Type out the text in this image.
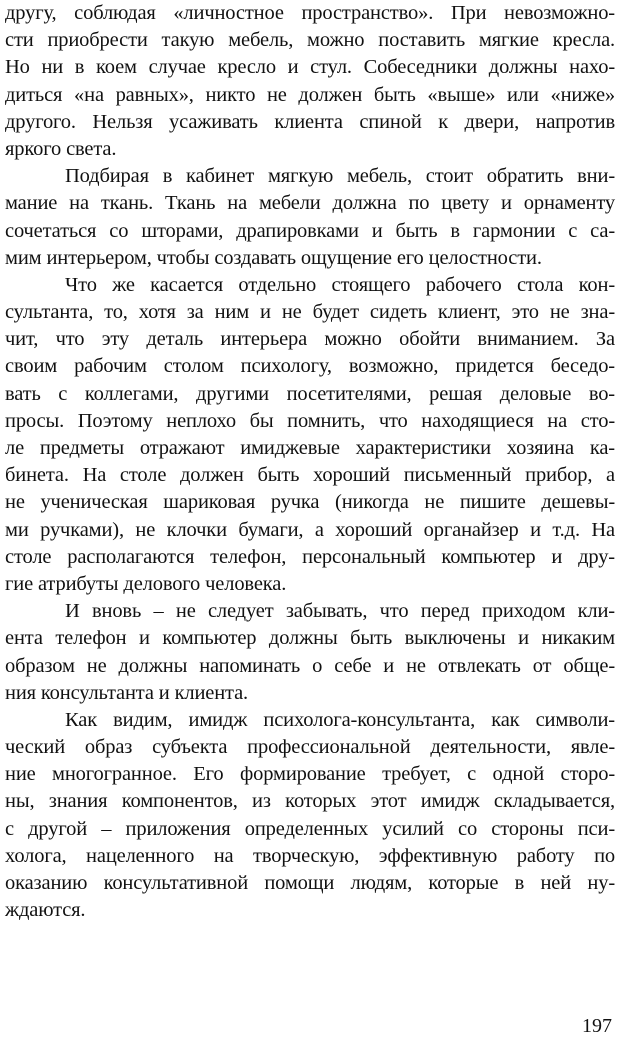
другу, соблюдая «личностное пространство». При невозможно-
сти приобрести такую мебель, можно поставить мягкие кресла.
Но ни в коем случае кресло и стул. Собеседники должны нахо-
диться «на равных», никто не должен быть «выше» или «ниже»
другого. Нельзя усаживать клиента спиной к двери, напротив
яркого света.
Подбирая в кабинет мягкую мебель, стоит обратить вни-
мание на ткань. Ткань на мебели должна по цвету и орнаменту
сочетаться со шторами, драпировками и быть в гармонии с са-
мим интерьером, чтобы создавать ощущение его целостности.
Что же касается отдельно стоящего рабочего стола кон-
сультанта, то, хотя за ним и не будет сидеть клиент, это не зна-
чит, что эту деталь интерьера можно обойти вниманием. За
своим рабочим столом психологу, возможно, придется беседо-
вать с коллегами, другими посетителями, решая деловые во-
просы. Поэтому неплохо бы помнить, что находящиеся на сто-
ле предметы отражают имиджевые характеристики хозяина ка-
бинета. На столе должен быть хороший письменный прибор, а
не ученическая шариковая ручка (никогда не пишите дешевы-
ми ручками), не клочки бумаги, а хороший органайзер и т.д. На
столе располагаются телефон, персональный компьютер и дру-
гие атрибуты делового человека.
И вновь – не следует забывать, что перед приходом кли-
ента телефон и компьютер должны быть выключены и никаким
образом не должны напоминать о себе и не отвлекать от обще-
ния консультанта и клиента.
Как видим, имидж психолога-консультанта, как символи-
ческий образ субъекта профессиональной деятельности, явле-
ние многогранное. Его формирование требует, с одной сторо-
ны, знания компонентов, из которых этот имидж складывается,
с другой – приложения определенных усилий со стороны пси-
холога, нацеленного на творческую, эффективную работу по
оказанию консультативной помощи людям, которые в ней ну-
ждаются.
197
